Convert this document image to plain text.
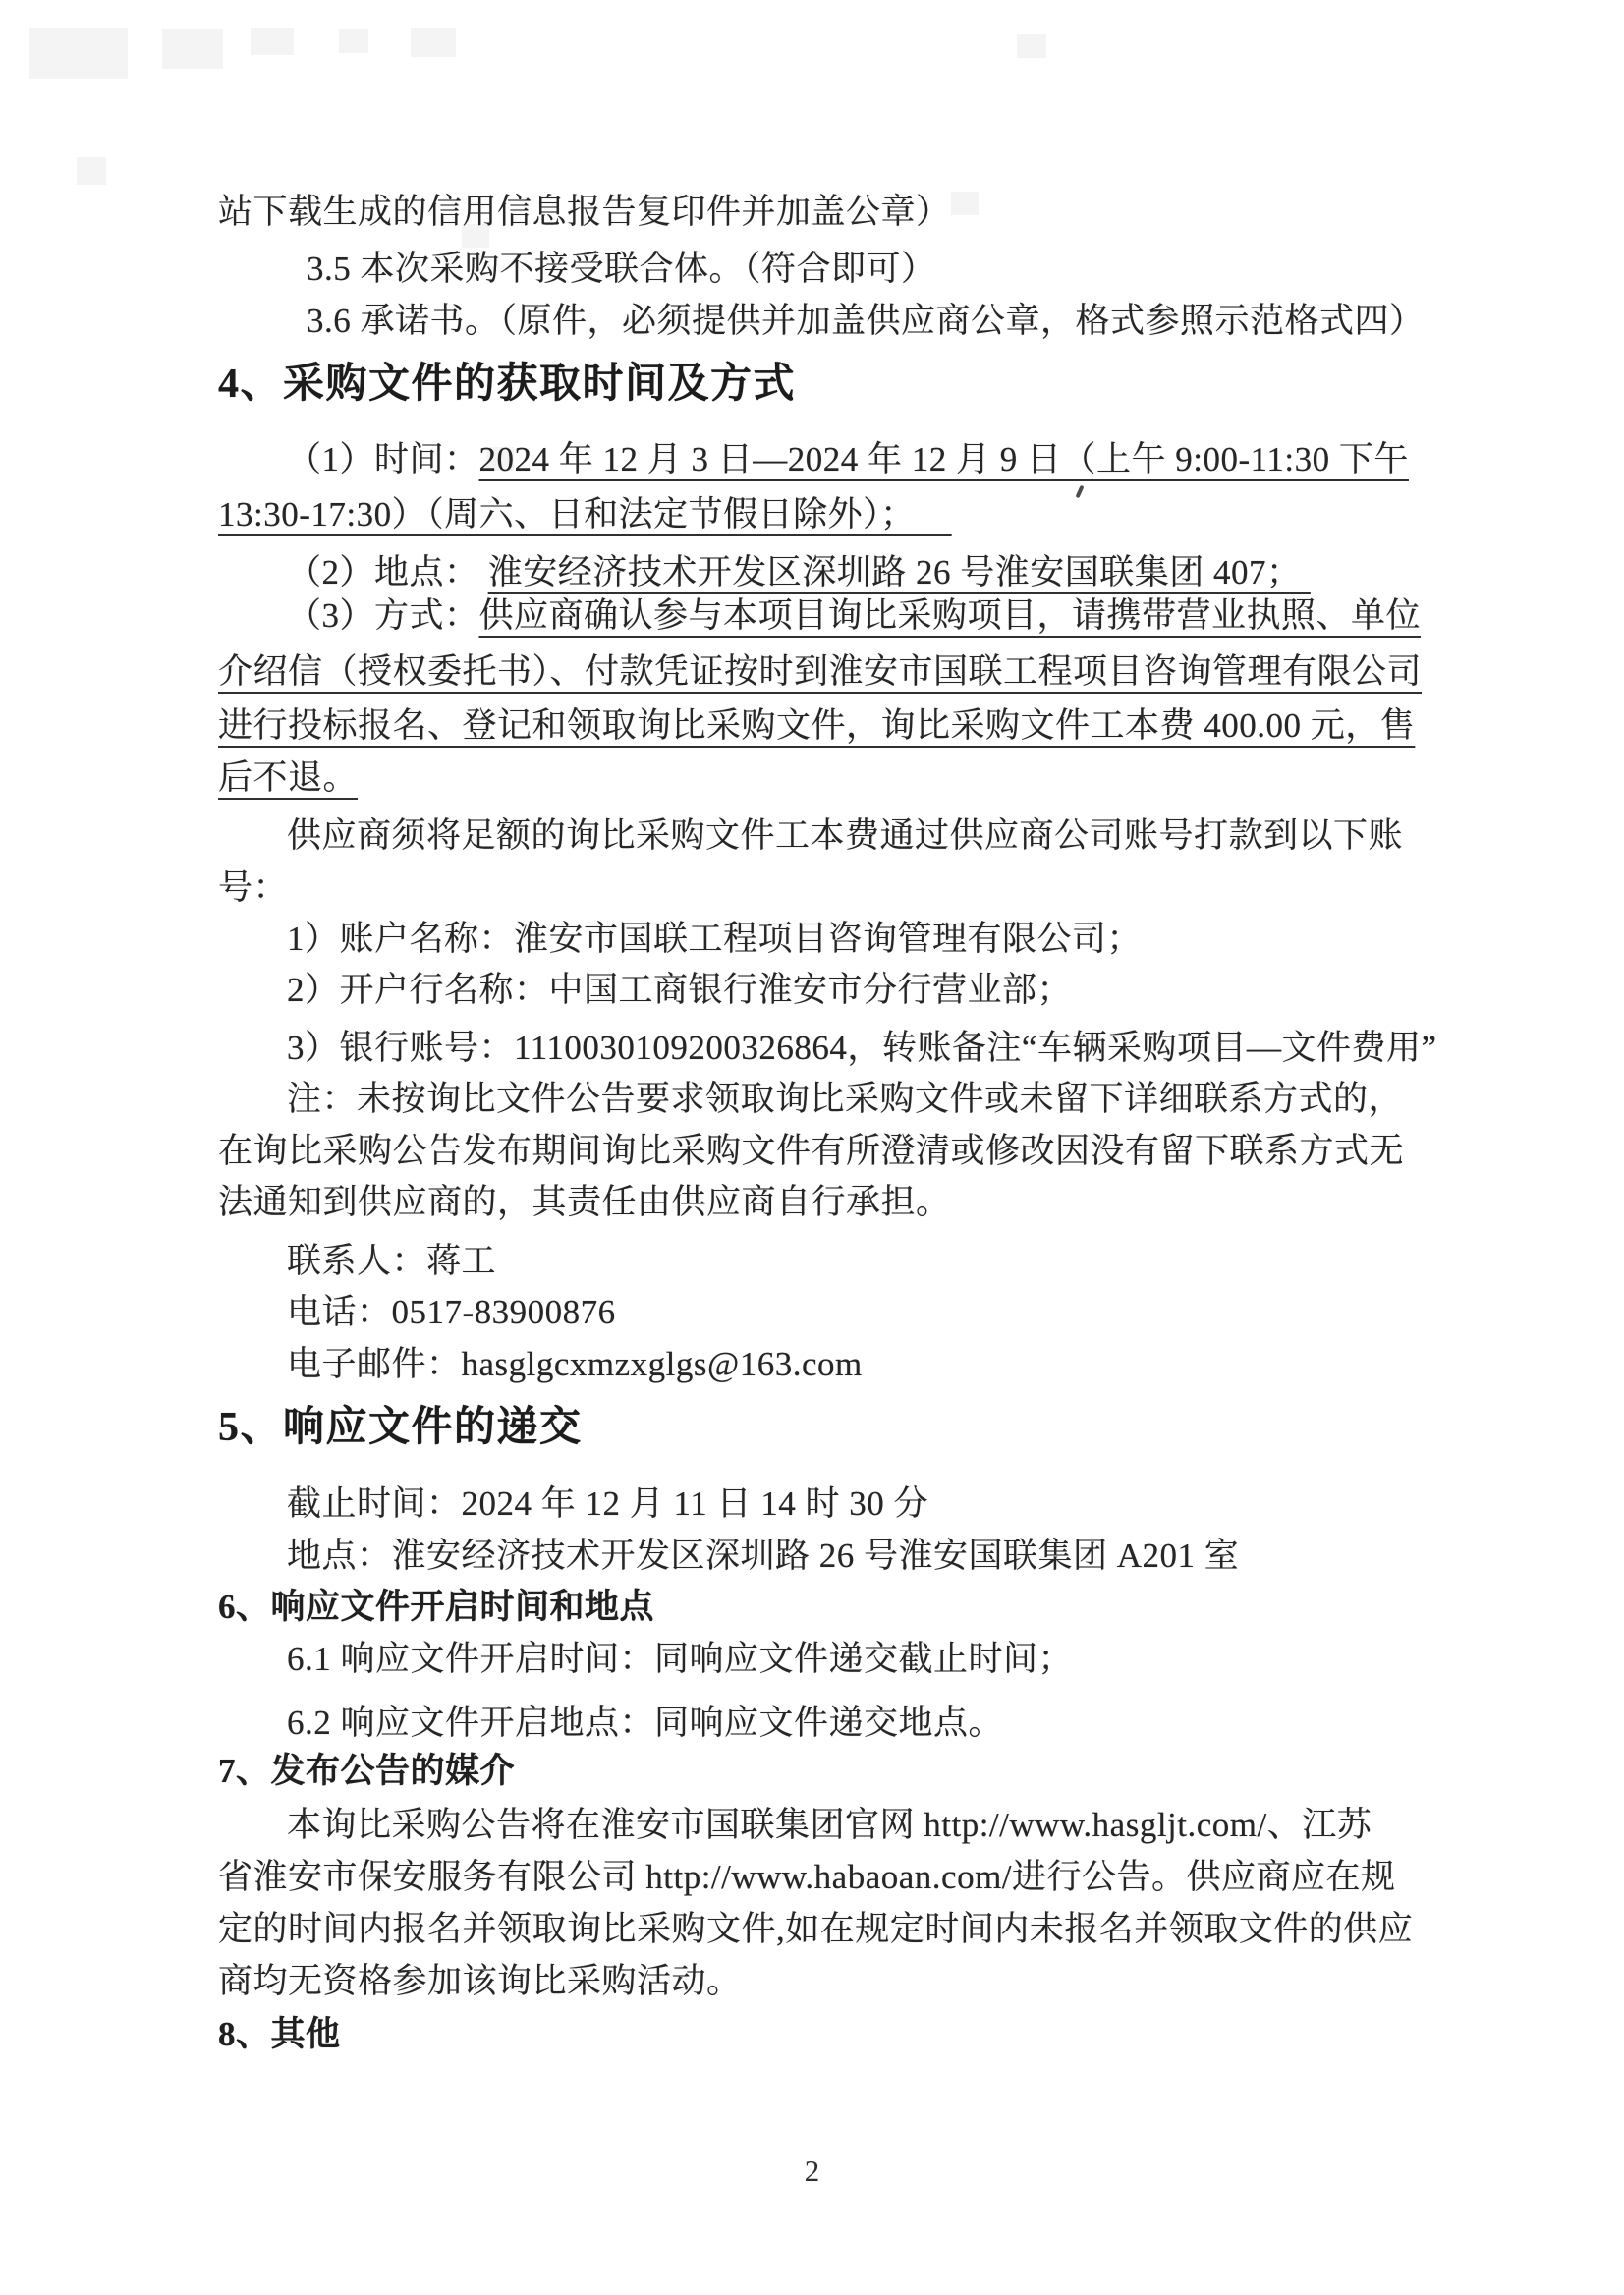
站下载生成的信用信息报告复印件并加盖公章）
3.5 本次采购不接受联合体。（符合即可）
3.6 承诺书。（原件，必须提供并加盖供应商公章，格式参照示范格式四）
4、采购文件的获取时间及方式
（1）时间：2024 年 12 月 3 日—2024 年 12 月 9 日（上午 9:00-11:30 下午
13:30-17:30）（周六、日和法定节假日除外）；
（2）地点： 淮安经济技术开发区深圳路 26 号淮安国联集团 407；
（3）方式：供应商确认参与本项目询比采购项目，请携带营业执照、单位
介绍信（授权委托书）、付款凭证按时到淮安市国联工程项目咨询管理有限公司
进行投标报名、登记和领取询比采购文件，询比采购文件工本费 400.00 元，售
后不退。
供应商须将足额的询比采购文件工本费通过供应商公司账号打款到以下账
号：
1）账户名称：淮安市国联工程项目咨询管理有限公司；
2）开户行名称：中国工商银行淮安市分行营业部；
3）银行账号：1110030109200326864，转账备注“车辆采购项目—文件费用”
注：未按询比文件公告要求领取询比采购文件或未留下详细联系方式的，
在询比采购公告发布期间询比采购文件有所澄清或修改因没有留下联系方式无
法通知到供应商的，其责任由供应商自行承担。
联系人：蒋工
电话：0517-83900876
电子邮件：hasglgcxmzxglgs@163.com
5、响应文件的递交
截止时间：2024 年 12 月 11 日 14 时 30 分
地点：淮安经济技术开发区深圳路 26 号淮安国联集团 A201 室
6、响应文件开启时间和地点
6.1 响应文件开启时间：同响应文件递交截止时间；
6.2 响应文件开启地点：同响应文件递交地点。
7、发布公告的媒介
本询比采购公告将在淮安市国联集团官网 http://www.hasgljt.com/、江苏
省淮安市保安服务有限公司 http://www.habaoan.com/进行公告。供应商应在规
定的时间内报名并领取询比采购文件,如在规定时间内未报名并领取文件的供应
商均无资格参加该询比采购活动。
8、其他
2
